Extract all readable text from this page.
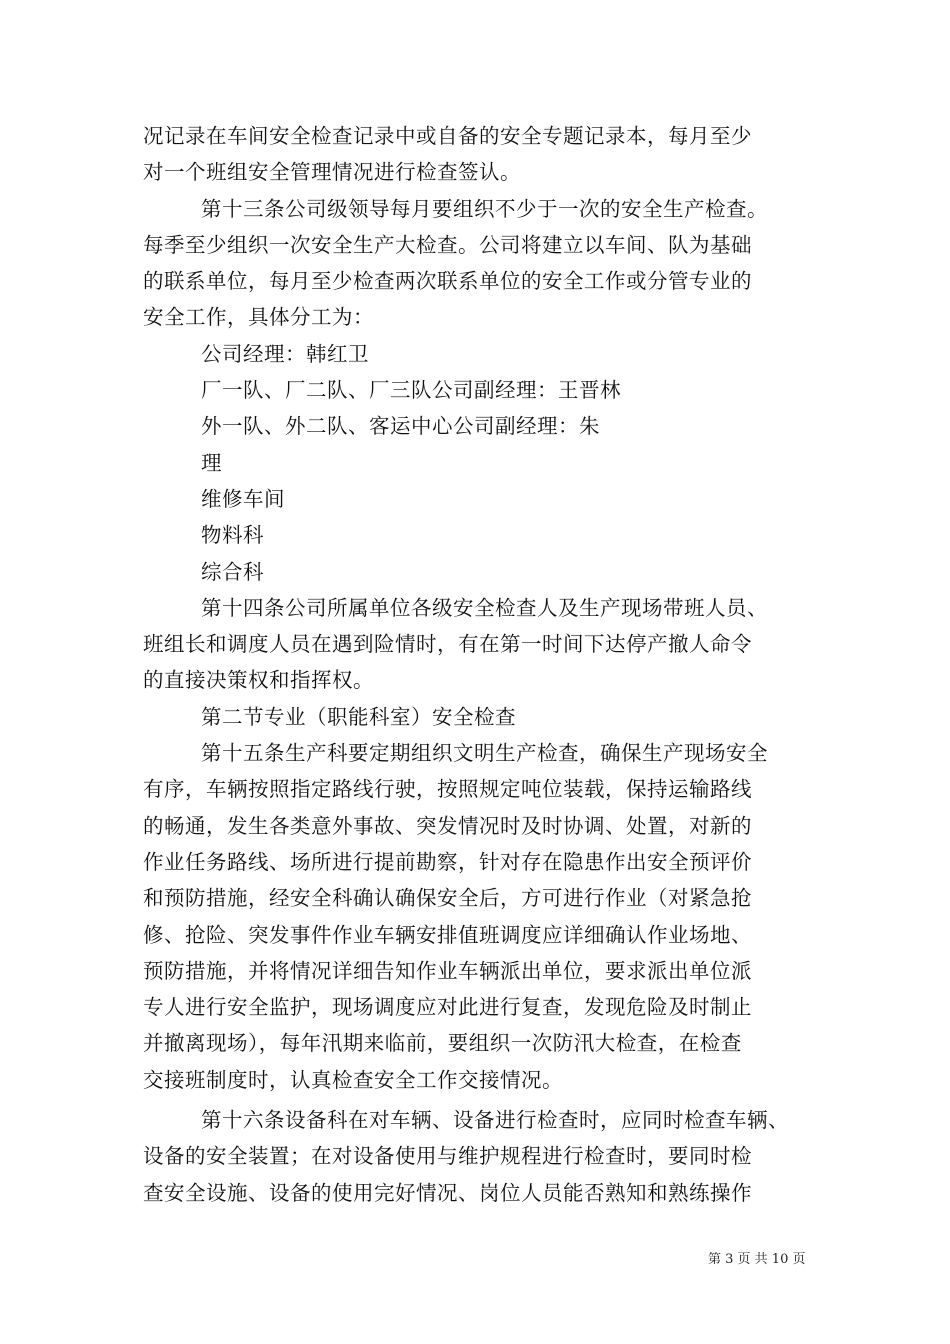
况记录在车间安全检查记录中或自备的安全专题记录本，每月至少
对一个班组安全管理情况进行检查签认。
第十三条公司级领导每月要组织不少于一次的安全生产检查。
每季至少组织一次安全生产大检查。公司将建立以车间、队为基础
的联系单位，每月至少检查两次联系单位的安全工作或分管专业的
安全工作，具体分工为：
公司经理：韩红卫
厂一队、厂二队、厂三队公司副经理：王晋林
外一队、外二队、客运中心公司副经理：朱
理
维修车间
物料科
综合科
第十四条公司所属单位各级安全检查人及生产现场带班人员、
班组长和调度人员在遇到险情时，有在第一时间下达停产撤人命令
的直接决策权和指挥权。
第二节专业（职能科室）安全检查
第十五条生产科要定期组织文明生产检查，确保生产现场安全
有序，车辆按照指定路线行驶，按照规定吨位装载，保持运输路线
的畅通，发生各类意外事故、突发情况时及时协调、处置，对新的
作业任务路线、场所进行提前勘察，针对存在隐患作出安全预评价
和预防措施，经安全科确认确保安全后，方可进行作业（对紧急抢
修、抢险、突发事件作业车辆安排值班调度应详细确认作业场地、
预防措施，并将情况详细告知作业车辆派出单位，要求派出单位派
专人进行安全监护，现场调度应对此进行复查，发现危险及时制止
并撤离现场），每年汛期来临前，要组织一次防汛大检查，在检查
交接班制度时，认真检查安全工作交接情况。
第十六条设备科在对车辆、设备进行检查时，应同时检查车辆、
设备的安全装置；在对设备使用与维护规程进行检查时，要同时检
查安全设施、设备的使用完好情况、岗位人员能否熟知和熟练操作
第 3 页 共 10 页
